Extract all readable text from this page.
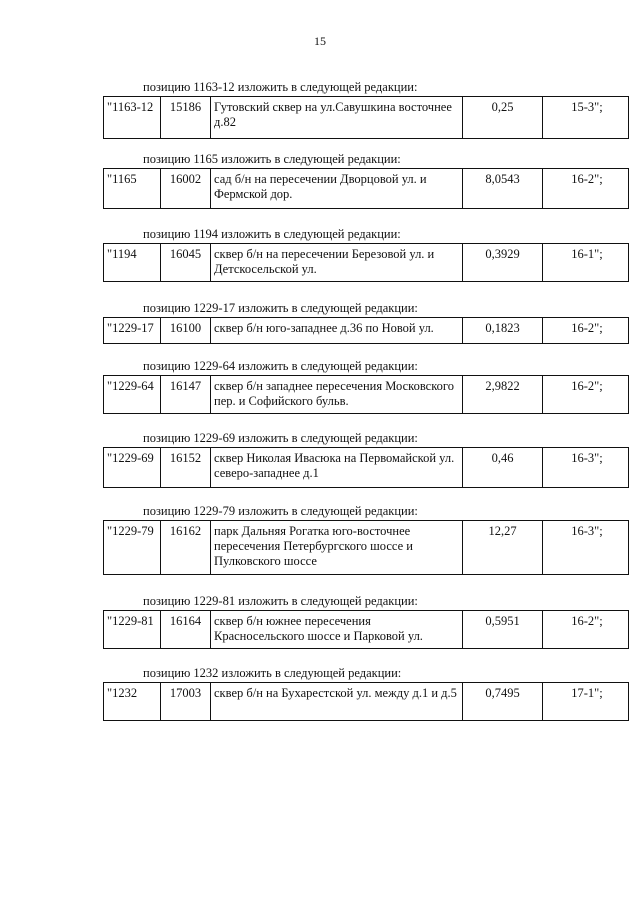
15
позицию 1163-12 изложить в следующей редакции:
"1163-12	15186	Гутовский сквер на ул.Савушкина восточнее д.82	0,25	15-3";
позицию 1165 изложить в следующей редакции:
"1165	16002	сад б/н на пересечении Дворцовой ул. и Фермской дор.	8,0543	16-2";
позицию 1194 изложить в следующей редакции:
"1194	16045	сквер б/н на пересечении Березовой ул. и Детскосельской ул.	0,3929	16-1";
позицию 1229-17 изложить в следующей редакции:
"1229-17	16100	сквер б/н юго-западнее д.36 по Новой ул.	0,1823	16-2";
позицию 1229-64 изложить в следующей редакции:
"1229-64	16147	сквер б/н западнее пересечения Московского пер. и Софийского бульв.	2,9822	16-2";
позицию 1229-69 изложить в следующей редакции:
"1229-69	16152	сквер Николая Ивасюка на Первомайской ул. северо-западнее д.1	0,46	16-3";
позицию 1229-79 изложить в следующей редакции:
"1229-79	16162	парк Дальняя Рогатка юго-восточнее пересечения Петербургского шоссе и Пулковского шоссе	12,27	16-3";
позицию 1229-81 изложить в следующей редакции:
"1229-81	16164	сквер б/н южнее пересечения Красносельского шоссе и Парковой ул.	0,5951	16-2";
позицию 1232 изложить в следующей редакции:
"1232	17003	сквер б/н на Бухарестской ул. между д.1 и д.5	0,7495	17-1";
